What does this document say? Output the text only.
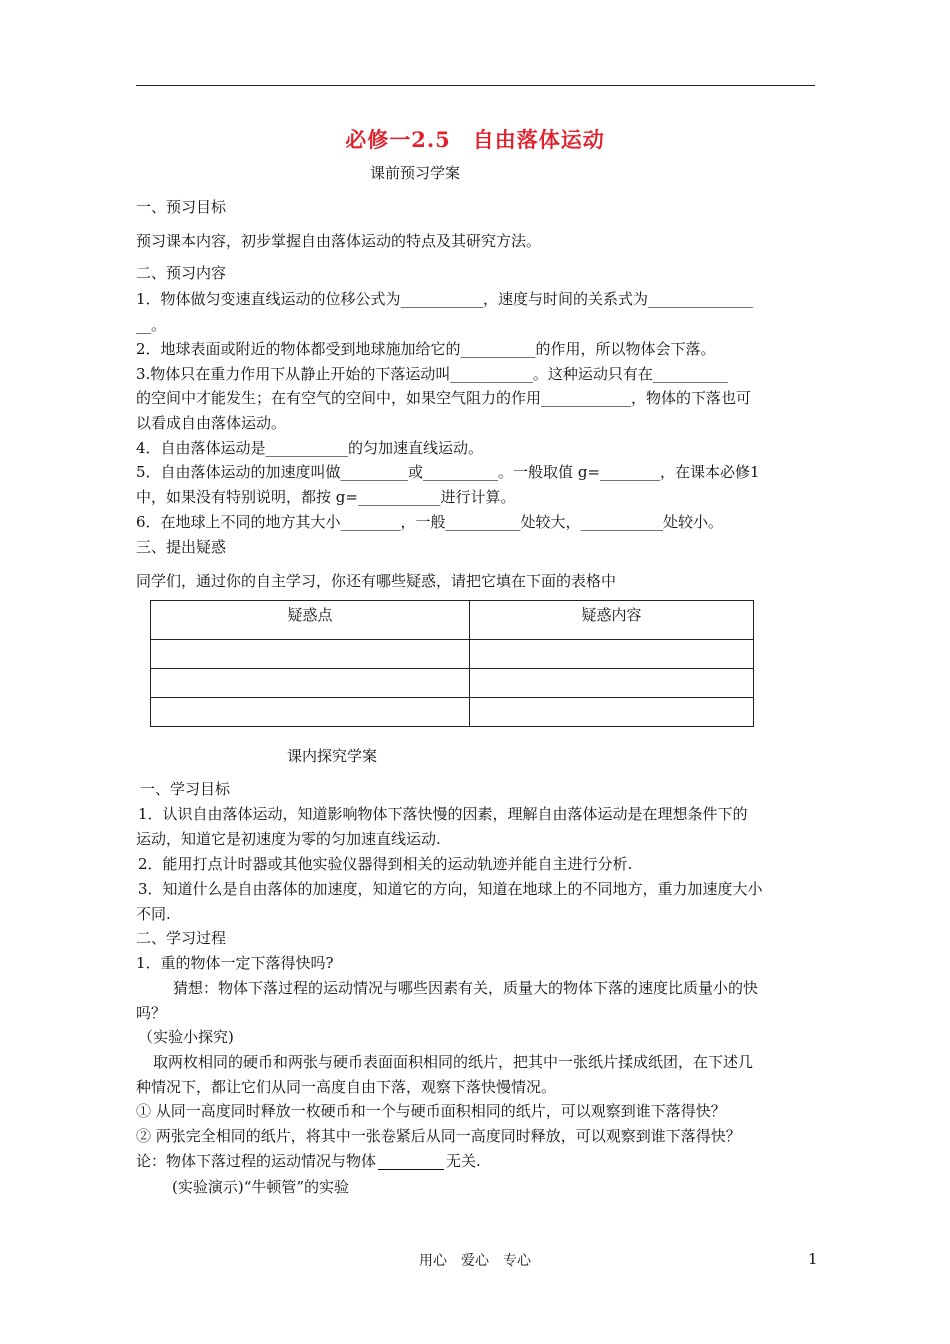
必修一2.5　自由落体运动
课前预习学案
一、预习目标
预习课本内容，初步掌握自由落体运动的特点及其研究方法。
二、预习内容
1．物体做匀变速直线运动的位移公式为___________，速度与时间的关系式为______________
__。
2．地球表面或附近的物体都受到地球施加给它的__________的作用，所以物体会下落。
3.物体只在重力作用下从静止开始的下落运动叫___________。这种运动只有在__________
的空间中才能发生；在有空气的空间中，如果空气阻力的作用____________，物体的下落也可
以看成自由落体运动。
4．自由落体运动是___________的匀加速直线运动。
5．自由落体运动的加速度叫做_________或__________。一般取值 g=________，在课本必修1
中，如果没有特别说明，都按 g=___________进行计算。
6．在地球上不同的地方其大小________，一般__________处较大，___________处较小。
三、提出疑惑
同学们，通过你的自主学习，你还有哪些疑惑，请把它填在下面的表格中
疑惑点	疑惑内容

课内探究学案
一、学习目标
1．认识自由落体运动，知道影响物体下落快慢的因素，理解自由落体运动是在理想条件下的
运动，知道它是初速度为零的匀加速直线运动.
2．能用打点计时器或其他实验仪器得到相关的运动轨迹并能自主进行分析.
3．知道什么是自由落体的加速度，知道它的方向，知道在地球上的不同地方，重力加速度大小
不同.
二、学习过程
1．重的物体一定下落得快吗?
猜想：物体下落过程的运动情况与哪些因素有关，质量大的物体下落的速度比质量小的快
吗？
（实验小探究)
取两枚相同的硬币和两张与硬币表面面积相同的纸片，把其中一张纸片揉成纸团，在下述几
种情况下，都让它们从同一高度自由下落，观察下落快慢情况。
① 从同一高度同时释放一枚硬币和一个与硬币面积相同的纸片，可以观察到谁下落得快？
② 两张完全相同的纸片，将其中一张卷紧后从同一高度同时释放，可以观察到谁下落得快？
论：物体下落过程的运动情况与物体	无关.
(实验演示)“牛顿管”的实验
用心　爱心　专心	1
